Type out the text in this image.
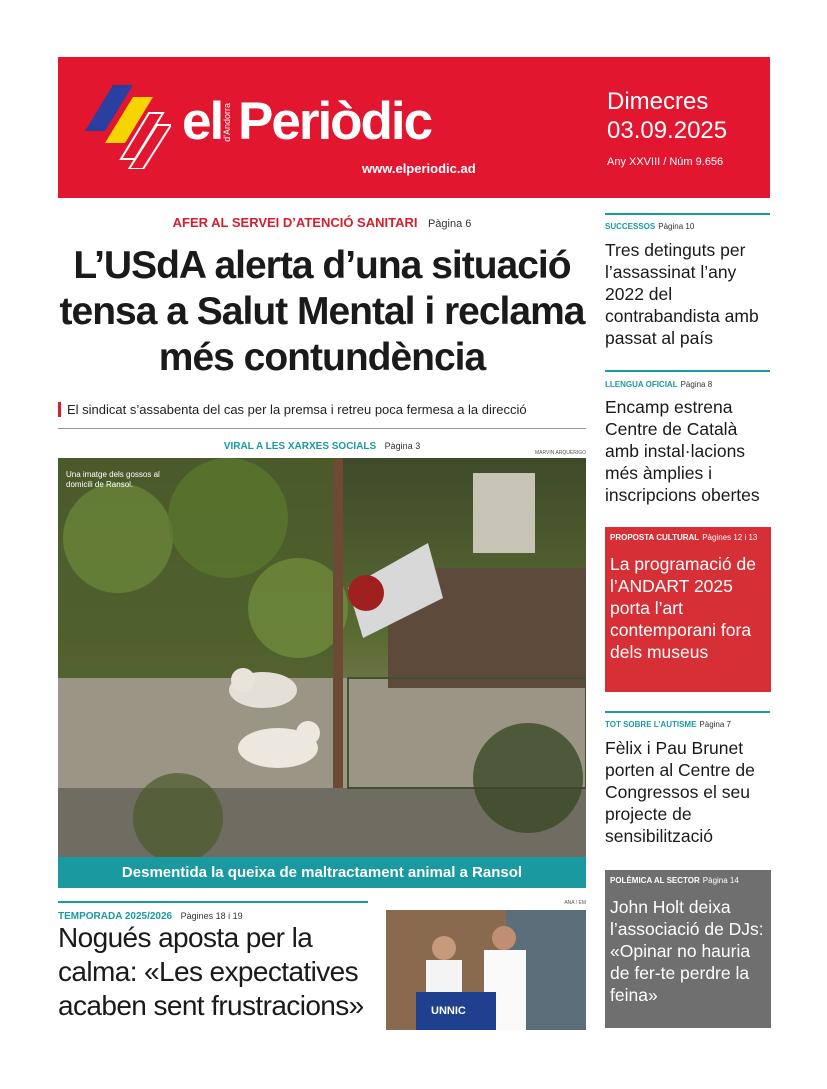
el d'Andorra Periòdic
www.elperiodic.ad
Dimecres
03.09.2025
Any XXVIII / Núm 9.656
AFER AL SERVEI D’ATENCIÓ SANITARI Pàgina 6
L’USdA alerta d’una situació tensa a Salut Mental i reclama més contundència
El sindicat s’assabenta del cas per la premsa i retreu poca fermesa a la direcció
VIRAL A LES XARXES SOCIALS Pàgina 3
MARVIN ARQUERIGO
Una imatge dels gossos al domicili de Ransol.
Desmentida la queixa de maltractament animal a Ransol
TEMPORADA 2025/2026 Pàgines 18 i 19
Nogués aposta per la calma: «Les expectatives acaben sent frustracions»
ANA / EM
UNNIC
SUCCESSOS Pàgina 10
Tres detinguts per l’assassinat l’any 2022 del contrabandista amb passat al país
LLENGUA OFICIAL Pàgina 8
Encamp estrena Centre de Català amb instal·lacions més àmplies i inscripcions obertes
PROPOSTA CULTURAL Pàgines 12 i 13
La programació de l’ANDART 2025 porta l’art contemporani fora dels museus
TOT SOBRE L’AUTISME Pàgina 7
Fèlix i Pau Brunet porten al Centre de Congressos el seu projecte de sensibilització
POLÈMICA AL SECTOR Pàgina 14
John Holt deixa l’associació de DJs: «Opinar no hauria de fer-te perdre la feina»
